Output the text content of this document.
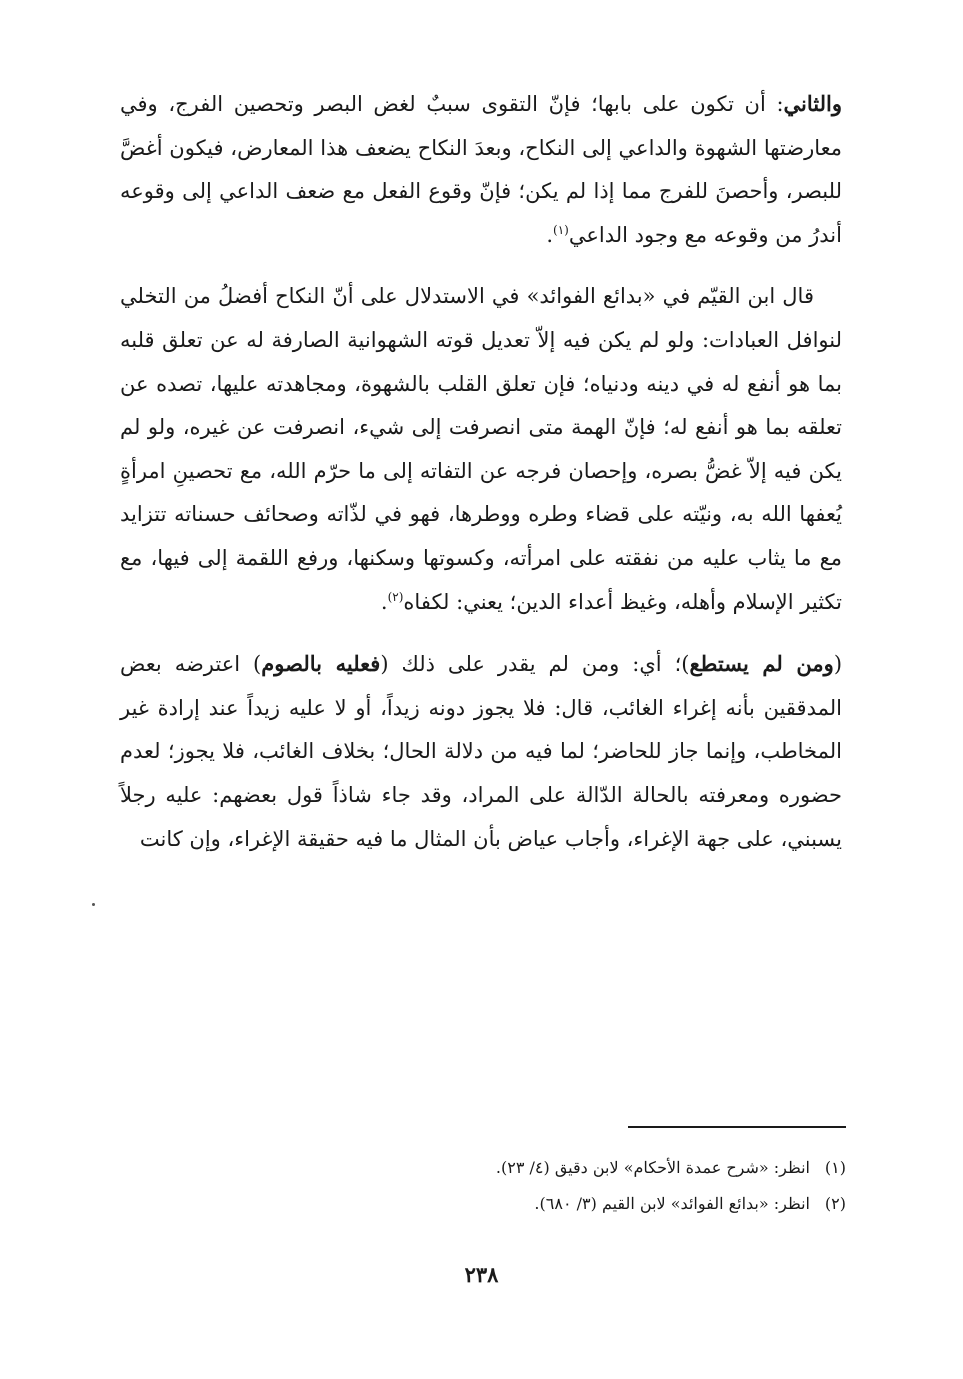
والثاني: أن تكون على بابها؛ فإنّ التقوى سببٌ لغض البصر وتحصين الفرج، وفي معارضتها الشهوة والداعي إلى النكاح، وبعدَ النكاح يضعف هذا المعارض، فيكون أغضَّ للبصر، وأحصنَ للفرج مما إذا لم يكن؛ فإنّ وقوع الفعل مع ضعف الداعي إلى وقوعه أندرُ من وقوعه مع وجود الداعي$^{(١)}$.

قال ابن القيّم في «بدائع الفوائد» في الاستدلال على أنّ النكاح أفضلُ من التخلي لنوافل العبادات: ولو لم يكن فيه إلاّ تعديل قوته الشهوانية الصارفة له عن تعلق قلبه بما هو أنفع له في دينه ودنياه؛ فإن تعلق القلب بالشهوة، ومجاهدته عليها، تصده عن تعلقه بما هو أنفع له؛ فإنّ الهمة متى انصرفت إلى شيء، انصرفت عن غيره، ولو لم يكن فيه إلاّ غضُّ بصره، وإحصان فرجه عن التفاته إلى ما حرّم الله، مع تحصينِ امرأةٍ يُعفها الله به، ونيّته على قضاء وطره ووطرها، فهو في لذّاته وصحائف حسناته تتزايد مع ما يثاب عليه من نفقته على امرأته، وكسوتها وسكنها، ورفع اللقمة إلى فيها، مع تكثير الإسلام وأهله، وغيظ أعداء الدين؛ يعني: لكفاه$^{(٢)}$.

(ومن لم يستطع)؛ أي: ومن لم يقدر على ذلك (فعليه بالصوم) اعترضه بعض المدققين بأنه إغراء الغائب، قال: فلا يجوز دونه زيداً، أو لا عليه زيداً عند إرادة غير المخاطب، وإنما جاز للحاضر؛ لما فيه من دلالة الحال؛ بخلاف الغائب، فلا يجوز؛ لعدم حضوره ومعرفته بالحالة الدّالة على المراد، وقد جاء شاذاً قول بعضهم: عليه رجلاً يسبني، على جهة الإغراء، وأجاب عياض بأن المثال ما فيه حقيقة الإغراء، وإن كانت

(١)
انظر: «شرح عمدة الأحكام» لابن دقيق (٤/ ٢٣).
(٢)
انظر: «بدائع الفوائد» لابن القيم (٣/ ٦٨٠).
٢٣٨
